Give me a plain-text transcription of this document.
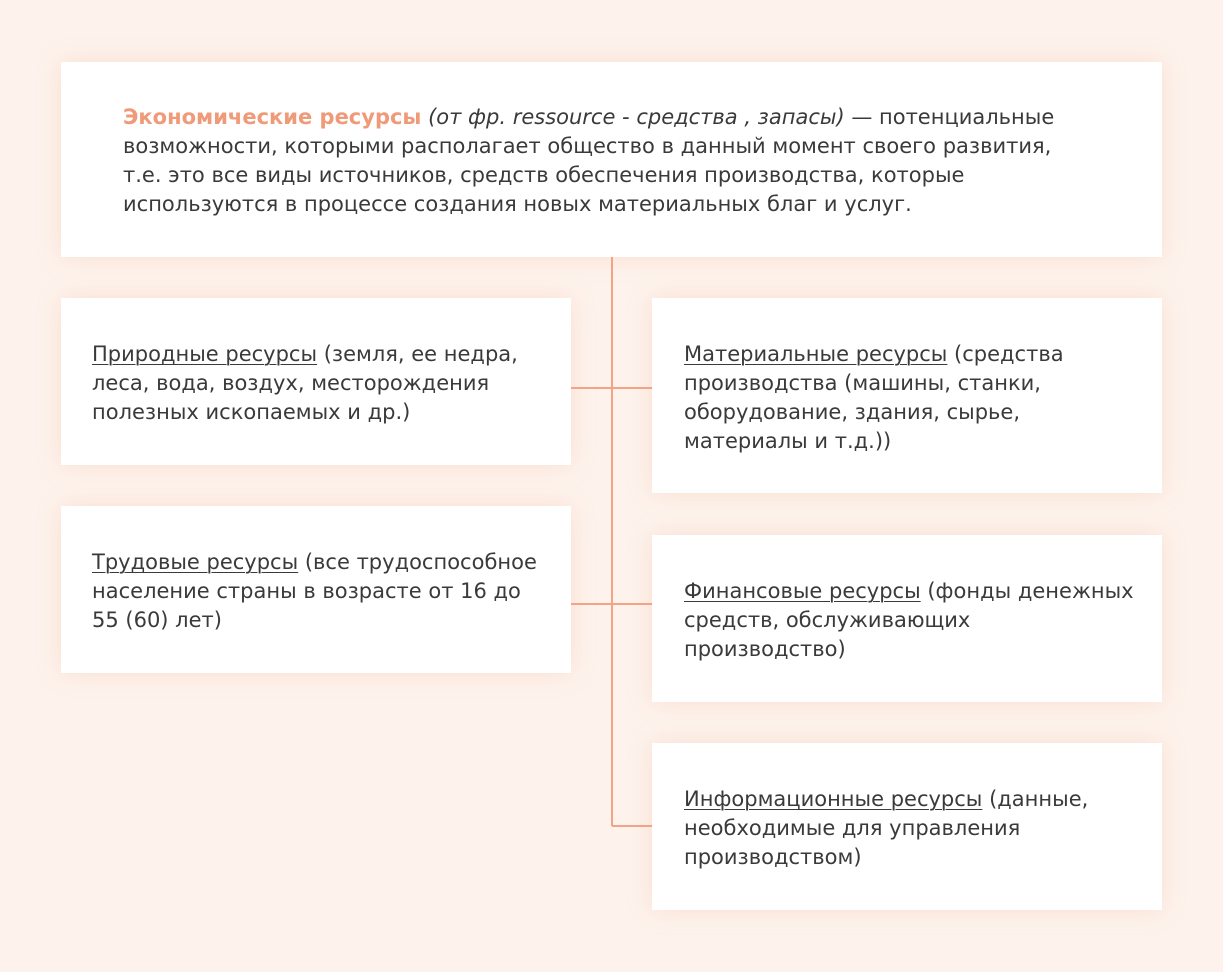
Экономические ресурсы (от фр. ressource - средства , запасы) — потенциальные возможности, которыми располагает общество в данный момент своего развития, т.е. это все виды источников, средств обеспечения производства, которые используются в процессе создания новых материальных благ и услуг.
Природные ресурсы (земля, ее недра, леса, вода, воздух, месторождения полезных ископаемых и др.)
Трудовые ресурсы (все трудоспособное население страны в возрасте от 16 до 55 (60) лет)
Материальные ресурсы (средства производства (машины, станки, оборудование, здания, сырье, материалы и т.д.))
Финансовые ресурсы (фонды денежных средств, обслуживающих производство)
Информационные ресурсы (данные, необходимые для управления производством)
